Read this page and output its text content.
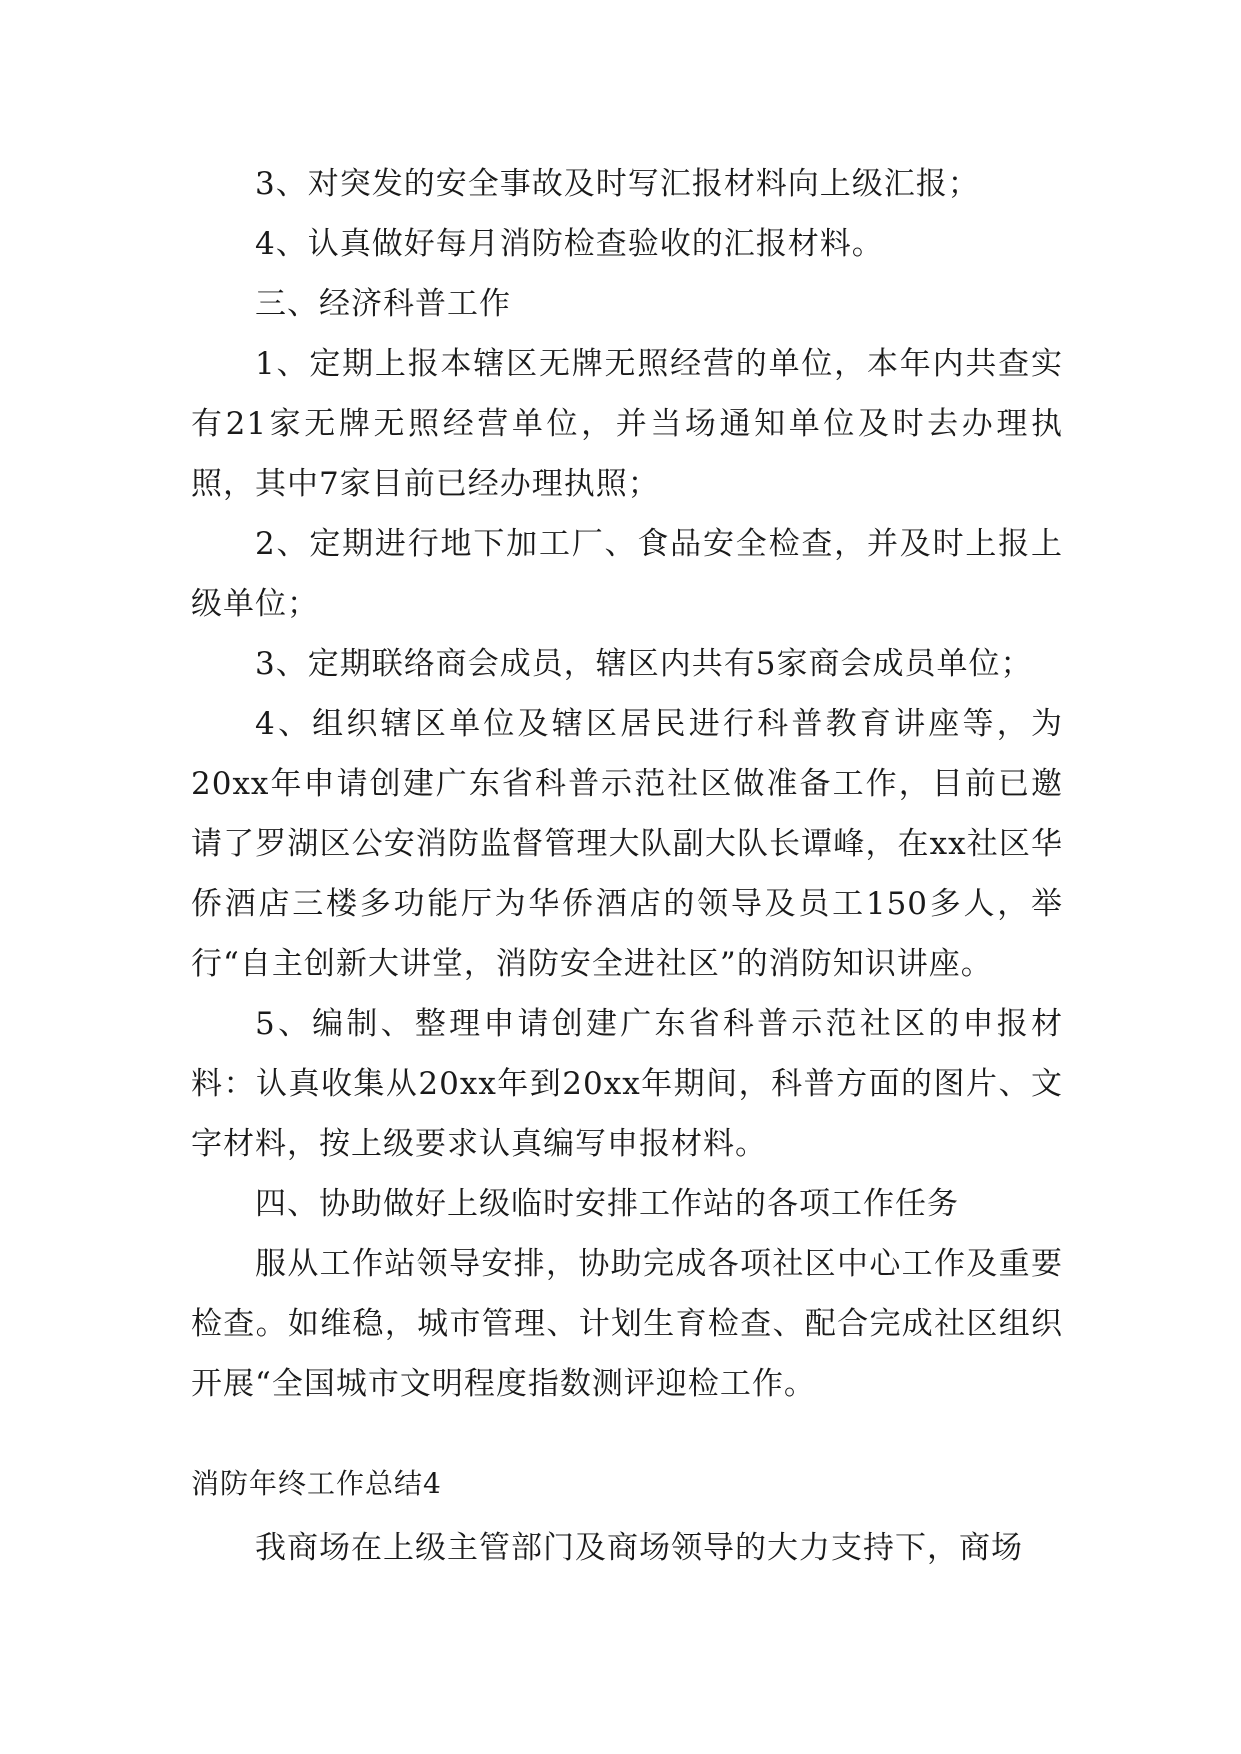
3、对突发的安全事故及时写汇报材料向上级汇报；

4、认真做好每月消防检查验收的汇报材料。

三、经济科普工作

1、定期上报本辖区无牌无照经营的单位，本年内共查实有21家无牌无照经营单位，并当场通知单位及时去办理执照，其中7家目前已经办理执照；

2、定期进行地下加工厂、食品安全检查，并及时上报上级单位；

3、定期联络商会成员，辖区内共有5家商会成员单位；

4、组织辖区单位及辖区居民进行科普教育讲座等，为20xx年申请创建广东省科普示范社区做准备工作，目前已邀请了罗湖区公安消防监督管理大队副大队长谭峰，在xx社区华侨酒店三楼多功能厅为华侨酒店的领导及员工150多人，举行“自主创新大讲堂，消防安全进社区”的消防知识讲座。

5、编制、整理申请创建广东省科普示范社区的申报材料：认真收集从20xx年到20xx年期间，科普方面的图片、文字材料，按上级要求认真编写申报材料。

四、协助做好上级临时安排工作站的各项工作任务

服从工作站领导安排，协助完成各项社区中心工作及重要检查。如维稳，城市管理、计划生育检查、配合完成社区组织开展“全国城市文明程度指数测评迎检工作。

消防年终工作总结4

我商场在上级主管部门及商场领导的大力支持下，商场
